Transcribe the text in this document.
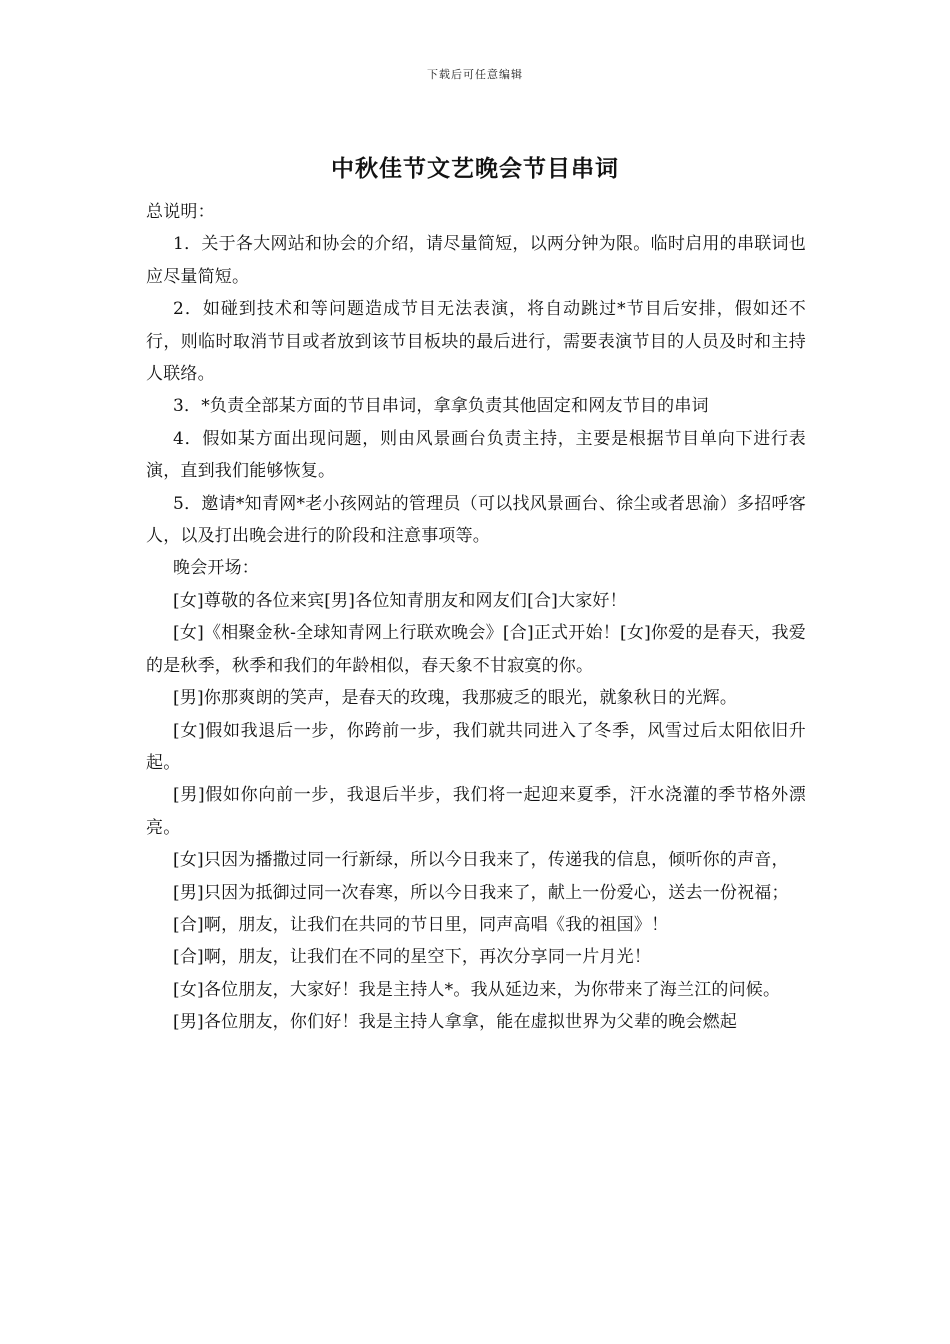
下载后可任意编辑
中秋佳节文艺晚会节目串词

总说明：

1．关于各大网站和协会的介绍，请尽量简短，以两分钟为限。临时启用的串联词也应尽量简短。

2．如碰到技术和等问题造成节目无法表演，将自动跳过*节目后安排，假如还不行，则临时取消节目或者放到该节目板块的最后进行，需要表演节目的人员及时和主持人联络。

3．*负责全部某方面的节目串词，拿拿负责其他固定和网友节目的串词

4．假如某方面出现问题，则由风景画台负责主持，主要是根据节目单向下进行表演，直到我们能够恢复。

5．邀请*知青网*老小孩网站的管理员（可以找风景画台、徐尘或者思渝）多招呼客人，以及打出晚会进行的阶段和注意事项等。

晚会开场：

[女]尊敬的各位来宾[男]各位知青朋友和网友们[合]大家好！

[女]《相聚金秋-全球知青网上行联欢晚会》[合]正式开始！[女]你爱的是春天，我爱的是秋季，秋季和我们的年龄相似，春天象不甘寂寞的你。

[男]你那爽朗的笑声，是春天的玫瑰，我那疲乏的眼光，就象秋日的光辉。

[女]假如我退后一步，你跨前一步，我们就共同进入了冬季，风雪过后太阳依旧升起。

[男]假如你向前一步，我退后半步，我们将一起迎来夏季，汗水浇灌的季节格外漂亮。

[女]只因为播撒过同一行新绿，所以今日我来了，传递我的信息，倾听你的声音，

[男]只因为抵御过同一次春寒，所以今日我来了，献上一份爱心，送去一份祝福；

[合]啊，朋友，让我们在共同的节日里，同声高唱《我的祖国》！

[合]啊，朋友，让我们在不同的星空下，再次分享同一片月光！

[女]各位朋友，大家好！我是主持人*。我从延边来，为你带来了海兰江的问候。

[男]各位朋友，你们好！我是主持人拿拿，能在虚拟世界为父辈的晚会燃起
